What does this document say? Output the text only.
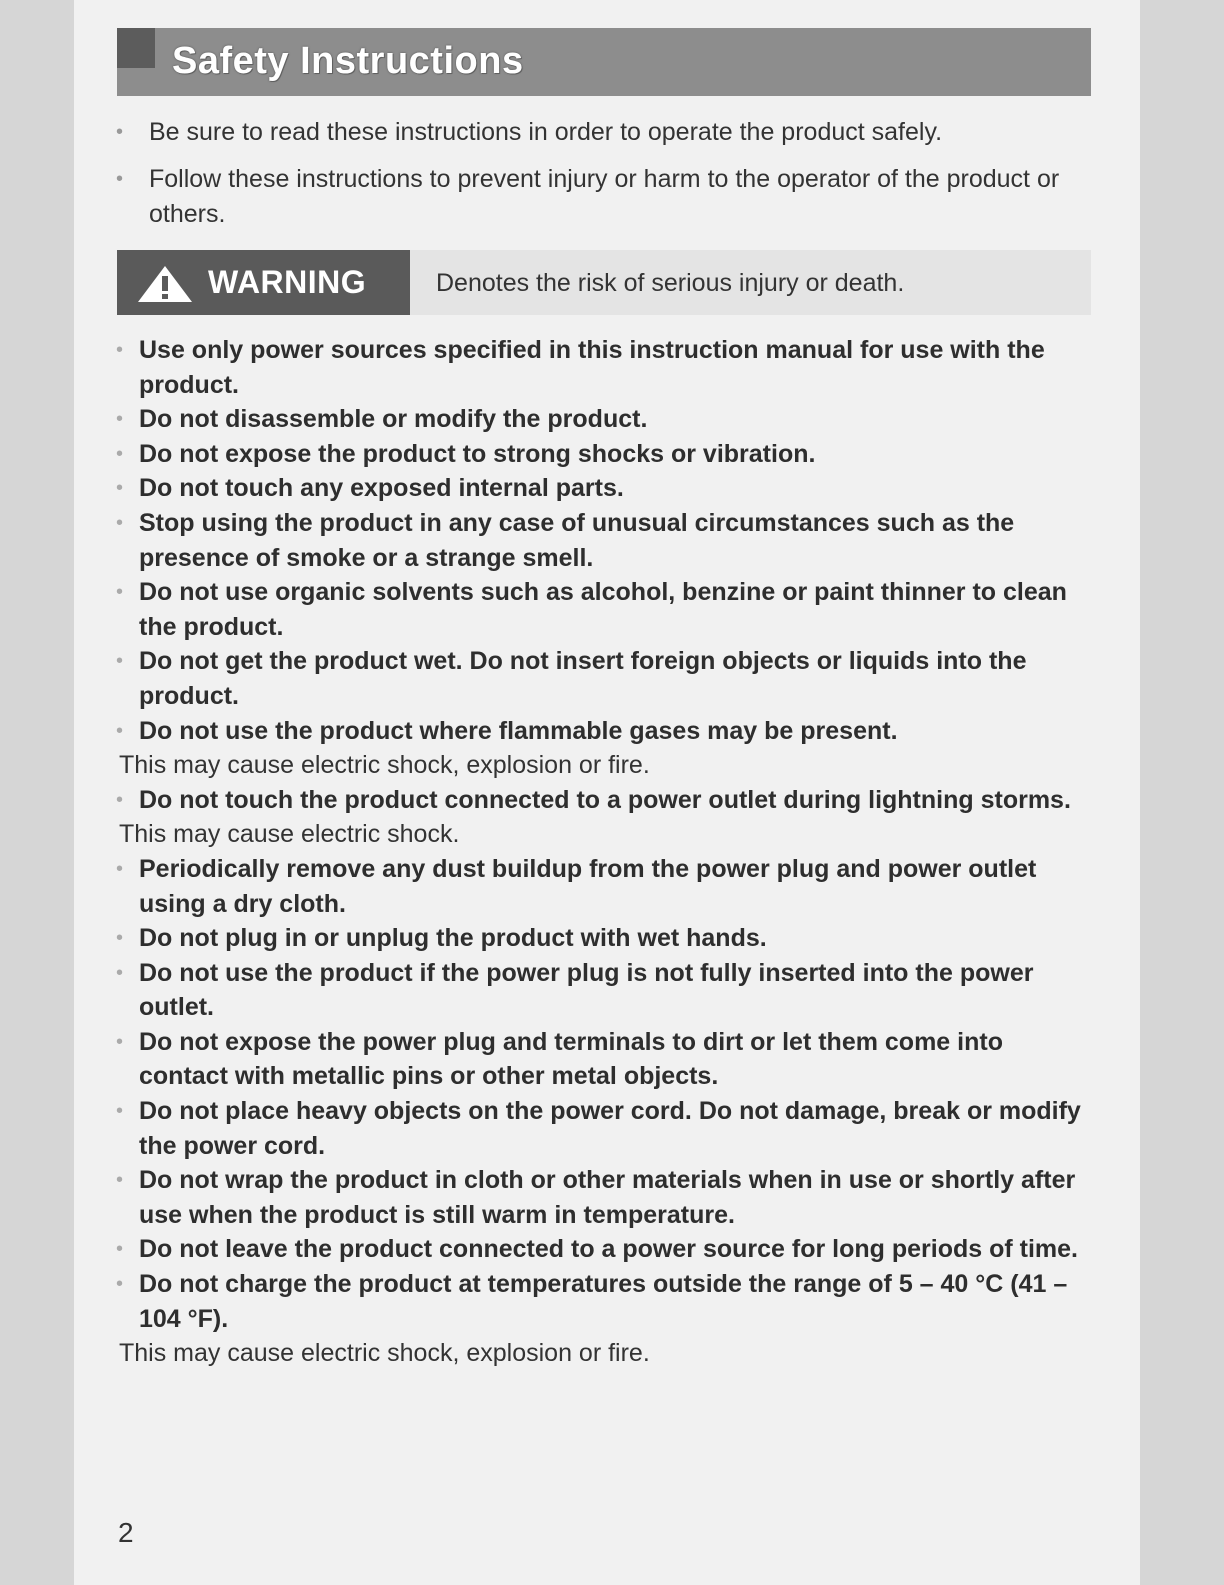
Safety Instructions
•	Be sure to read these instructions in order to operate the product safely.
•	Follow these instructions to prevent injury or harm to the operator of the product or others.
WARNING	Denotes the risk of serious injury or death.
• Use only power sources specified in this instruction manual for use with the product.
• Do not disassemble or modify the product.
• Do not expose the product to strong shocks or vibration.
• Do not touch any exposed internal parts.
• Stop using the product in any case of unusual circumstances such as the presence of smoke or a strange smell.
• Do not use organic solvents such as alcohol, benzine or paint thinner to clean the product.
• Do not get the product wet. Do not insert foreign objects or liquids into the product.
• Do not use the product where flammable gases may be present.
This may cause electric shock, explosion or fire.
• Do not touch the product connected to a power outlet during lightning storms.
This may cause electric shock.
• Periodically remove any dust buildup from the power plug and power outlet using a dry cloth.
• Do not plug in or unplug the product with wet hands.
• Do not use the product if the power plug is not fully inserted into the power outlet.
• Do not expose the power plug and terminals to dirt or let them come into contact with metallic pins or other metal objects.
• Do not place heavy objects on the power cord. Do not damage, break or modify the power cord.
• Do not wrap the product in cloth or other materials when in use or shortly after use when the product is still warm in temperature.
• Do not leave the product connected to a power source for long periods of time.
• Do not charge the product at temperatures outside the range of 5 – 40 °C (41 – 104 °F).
This may cause electric shock, explosion or fire.
2
